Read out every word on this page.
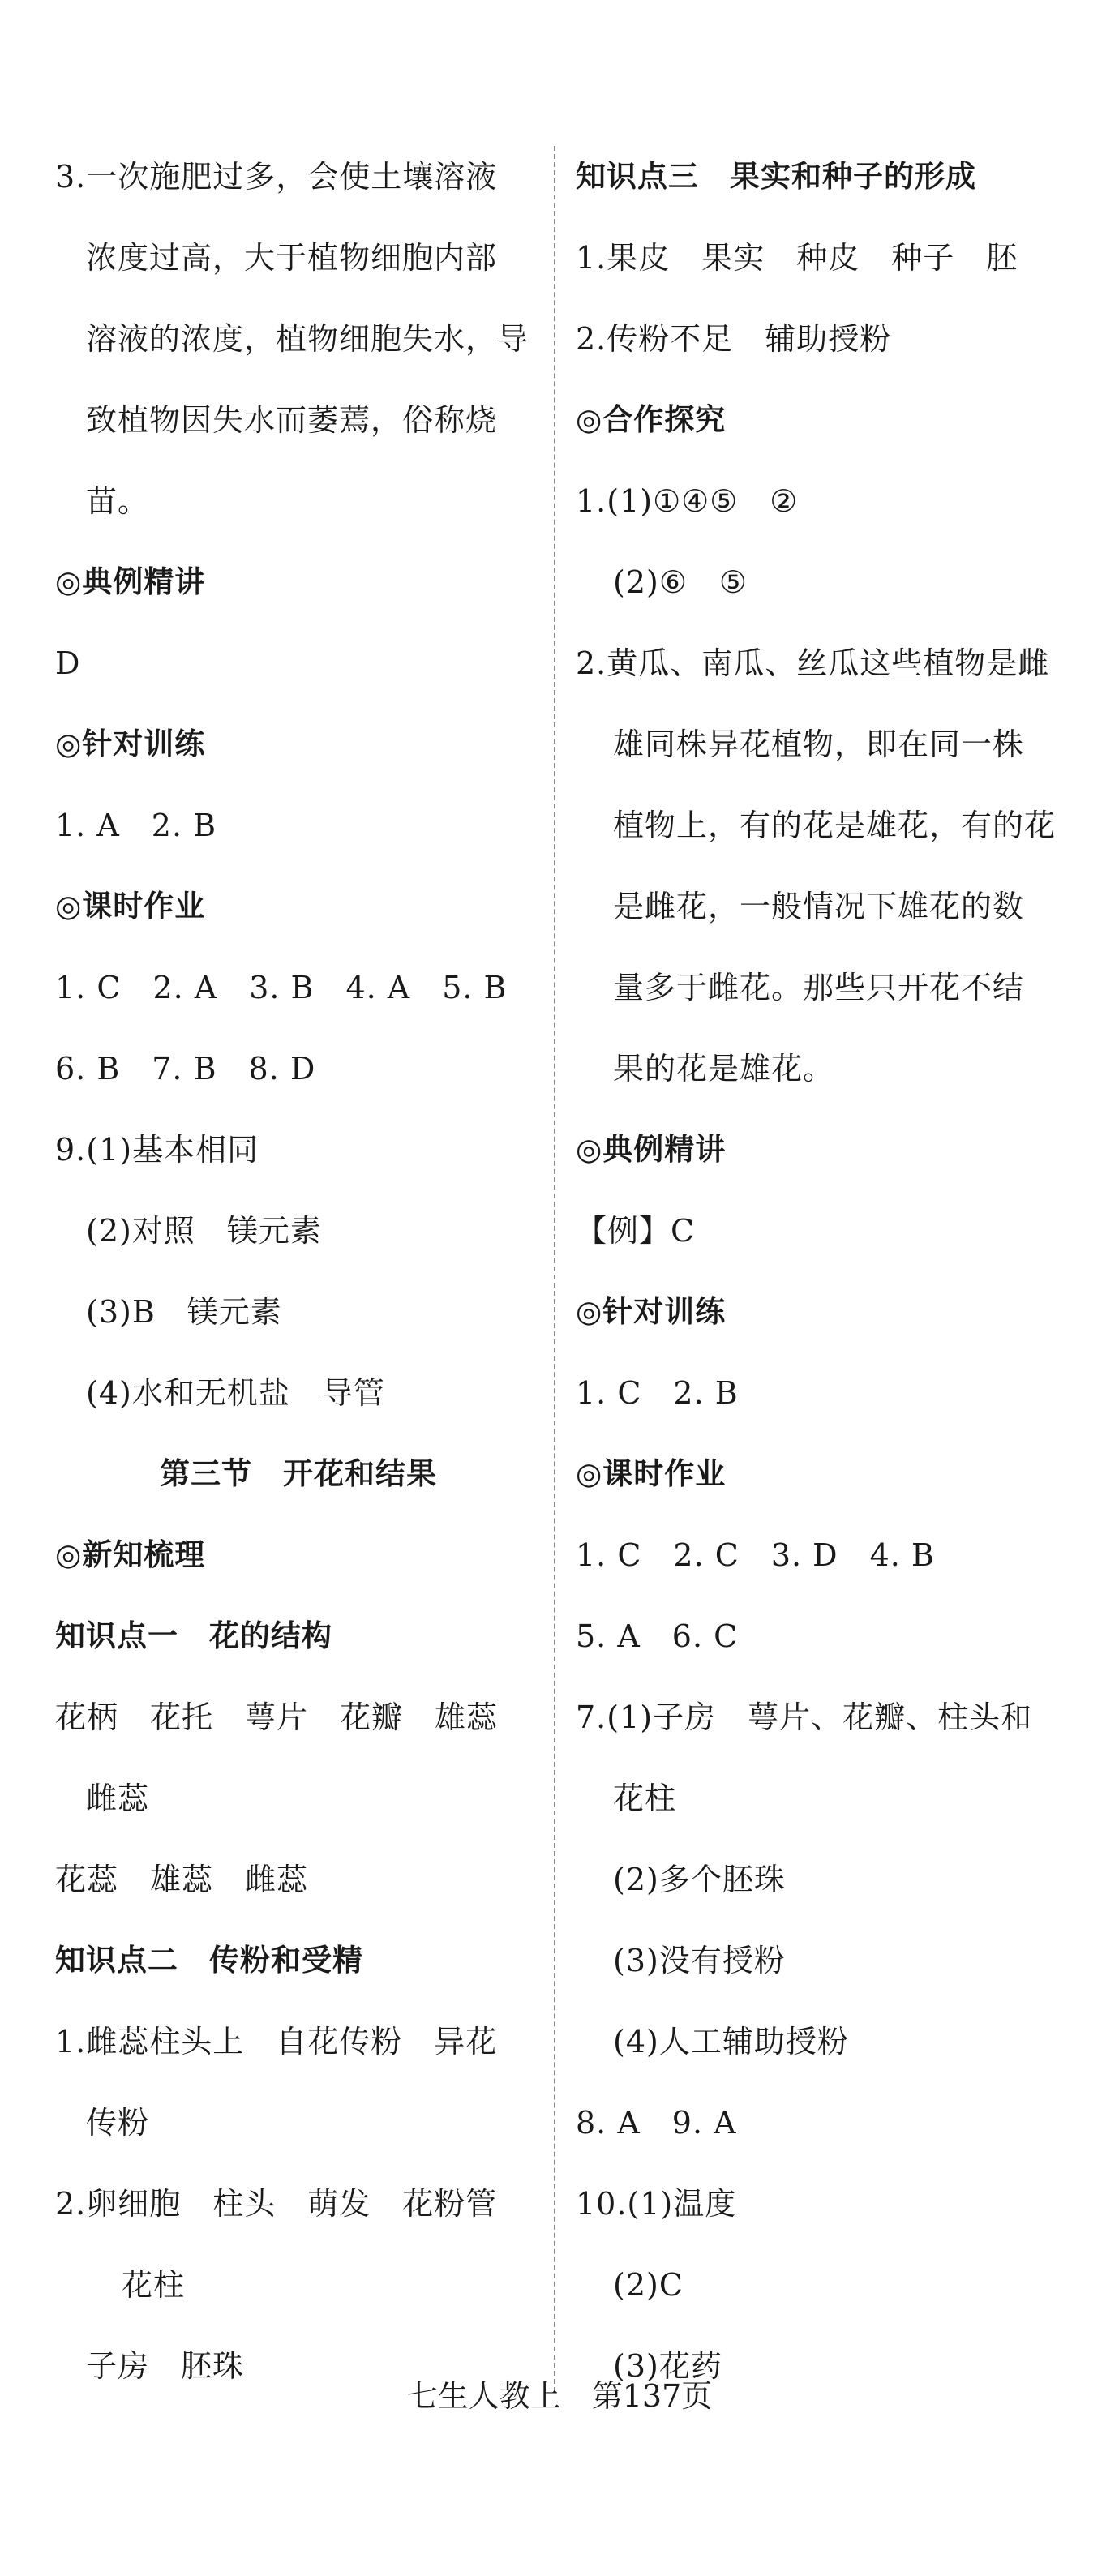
3.一次施肥过多，会使土壤溶液
浓度过高，大于植物细胞内部
溶液的浓度，植物细胞失水，导
致植物因失水而萎蔫，俗称烧
苗。
◎典例精讲
D
◎针对训练
1. A　2. B
◎课时作业
1. C　2. A　3. B　4. A　5. B
6. B　7. B　8. D
9.(1)基本相同
(2)对照　镁元素
(3)B　镁元素
(4)水和无机盐　导管
第三节　开花和结果
◎新知梳理
知识点一　花的结构
花柄　花托　萼片　花瓣　雄蕊
雌蕊
花蕊　雄蕊　雌蕊
知识点二　传粉和受精
1.雌蕊柱头上　自花传粉　异花
传粉
2.卵细胞　柱头　萌发　花粉管
花柱
子房　胚珠
知识点三　果实和种子的形成
1.果皮　果实　种皮　种子　胚
2.传粉不足　辅助授粉
◎合作探究
1.(1)①④⑤　②
(2)⑥　⑤
2.黄瓜、南瓜、丝瓜这些植物是雌
雄同株异花植物，即在同一株
植物上，有的花是雄花，有的花
是雌花，一般情况下雄花的数
量多于雌花。那些只开花不结
果的花是雄花。
◎典例精讲
【例】C
◎针对训练
1. C　2. B
◎课时作业
1. C　2. C　3. D　4. B
5. A　6. C
7.(1)子房　萼片、花瓣、柱头和
花柱
(2)多个胚珠
(3)没有授粉
(4)人工辅助授粉
8. A　9. A
10.(1)温度
(2)C
(3)花药
七生人教上　第137页
